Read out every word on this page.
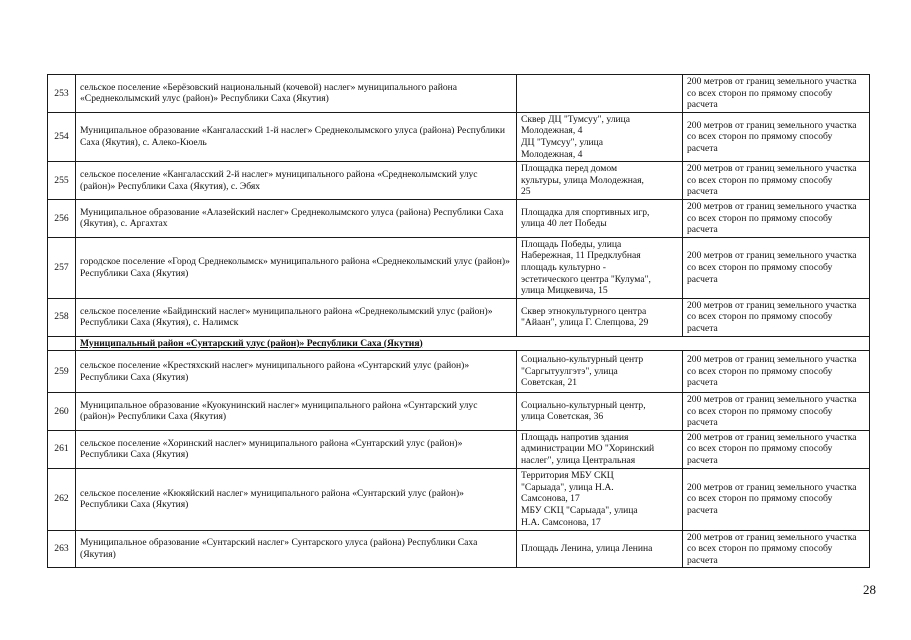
253	сельское поселение «Берёзовский национальный (кочевой) наслег» муниципального района «Среднеколымский улус (район)» Республики Саха (Якутия)		200 метров от границ земельного участка со всех сторон по прямому способу расчета
254	Муниципальное образование «Кангаласский 1-й наслег» Среднеколымского улуса (района) Республики Саха (Якутия), с. Алеко-Кюель	Сквер ДЦ "Тумсуу", улица
Молодежная, 4
ДЦ "Тумсуу", улица
Молодежная, 4	200 метров от границ земельного участка со всех сторон по прямому способу расчета
255	сельское поселение «Кангаласский 2-й наслег» муниципального района «Среднеколымский улус (район)» Республики Саха (Якутия), с. Эбях	Площадка перед домом
культуры, улица Молодежная,
25	200 метров от границ земельного участка со всех сторон по прямому способу расчета
256	Муниципальное образование «Алазейский наслег» Среднеколымского улуса (района) Республики Саха (Якутия), с. Аргахтах	Площадка для спортивных игр,
улица 40 лет Победы	200 метров от границ земельного участка со всех сторон по прямому способу расчета
257	городское поселение «Город Среднеколымск» муниципального района «Среднеколымский улус (район)» Республики Саха (Якутия)	Площадь Победы, улица
Набережная, 11 Предклубная
площадь культурно -
эстетического центра "Кулума",
улица Мицкевича, 15	200 метров от границ земельного участка со всех сторон по прямому способу расчета
258	сельское поселение «Байдинский наслег» муниципального района «Среднеколымский улус (район)» Республики Саха (Якутия), с. Налимск	Сквер этнокультурного центра
"Айаан", улица Г. Слепцова, 29	200 метров от границ земельного участка со всех сторон по прямому способу расчета
	Муниципальный район «Сунтарский улус (район)» Республики Саха (Якутия)		
259	сельское поселение «Крестяхский наслег» муниципального района «Сунтарский улус (район)» Республики Саха (Якутия)	Социально-культурный центр
"Саргытуулгэтэ", улица
Советская, 21	200 метров от границ земельного участка со всех сторон по прямому способу расчета
260	Муниципальное образование «Куокунинский наслег» муниципального района «Сунтарский улус (район)» Республики Саха (Якутия)	Социально-культурный центр,
улица Советская, 36	200 метров от границ земельного участка со всех сторон по прямому способу расчета
261	сельское поселение «Хоринский наслег» муниципального района «Сунтарский улус (район)» Республики Саха (Якутия)	Площадь напротив здания
администрации МО "Хоринский
наслег", улица Центральная	200 метров от границ земельного участка со всех сторон по прямому способу расчета
262	сельское поселение «Кюкяйский наслег» муниципального района «Сунтарский улус (район)» Республики Саха (Якутия)	Территория МБУ СКЦ
"Сарыада", улица Н.А.
Самсонова, 17
МБУ СКЦ "Сарыада", улица
Н.А. Самсонова, 17	200 метров от границ земельного участка со всех сторон по прямому способу расчета
263	Муниципальное образование «Сунтарский наслег» Сунтарского улуса (района) Республики Саха (Якутия)	Площадь Ленина, улица Ленина	200 метров от границ земельного участка со всех сторон по прямому способу расчета
28
